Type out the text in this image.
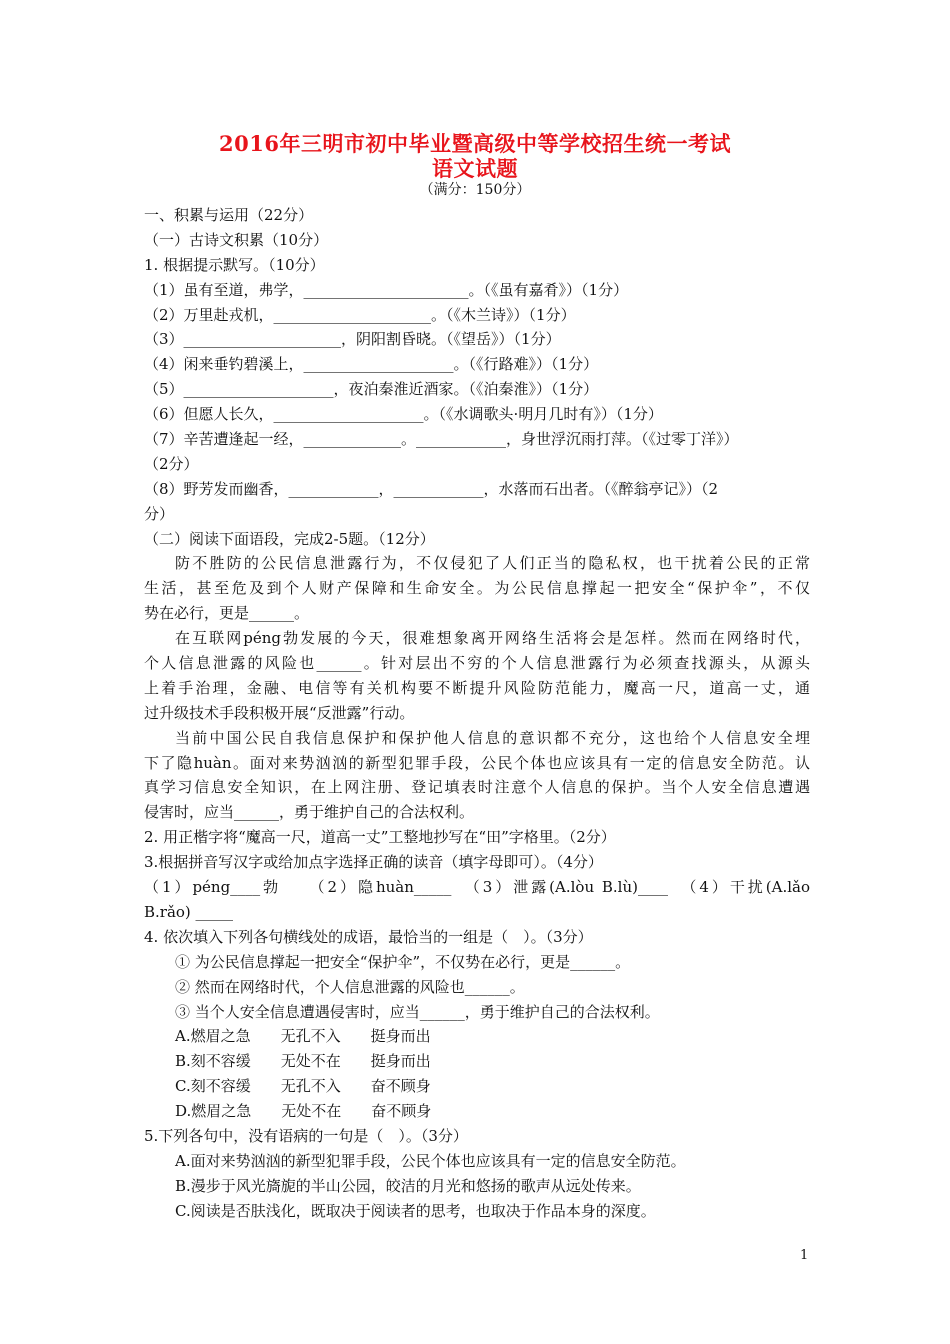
2016年三明市初中毕业暨高级中等学校招生统一考试
语文试题
（满分：150分）
一、积累与运用（22分）
（一）古诗文积累（10分）
1. 根据提示默写。（10分）
（1）虽有至道，弗学，______________________。（《虽有嘉肴》）（1分）
（2）万里赴戎机，_____________________。（《木兰诗》）（1分）
（3）_____________________，阴阳割昏晓。（《望岳》）（1分）
（4）闲来垂钓碧溪上，____________________。（《行路难》）（1分）
（5）____________________，夜泊秦淮近酒家。（《泊秦淮》）（1分）
（6）但愿人长久，____________________。（《水调歌头·明月几时有》）（1分）
（7）辛苦遭逢起一经，_____________。____________，身世浮沉雨打萍。（《过零丁洋》）
（2分）
（8）野芳发而幽香，____________，____________，水落而石出者。（《醉翁亭记》）（2
分）
（二）阅读下面语段，完成2-5题。（12分）
防不胜防的公民信息泄露行为，不仅侵犯了人们正当的隐私权，也干扰着公民的正常
生活，甚至危及到个人财产保障和生命安全。为公民信息撑起一把安全“保护伞”，不仅
势在必行，更是______。
在互联网péng勃发展的今天，很难想象离开网络生活将会是怎样。然而在网络时代，
个人信息泄露的风险也______。针对层出不穷的个人信息泄露行为必须查找源头，从源头
上着手治理，金融、电信等有关机构要不断提升风险防范能力，魔高一尺，道高一丈，通
过升级技术手段积极开展“反泄露”行动。
当前中国公民自我信息保护和保护他人信息的意识都不充分，这也给个人信息安全埋
下了隐huàn。面对来势汹汹的新型犯罪手段，公民个体也应该具有一定的信息安全防范。认
真学习信息安全知识，在上网注册、登记填表时注意个人信息的保护。当个人安全信息遭遇
侵害时，应当______，勇于维护自己的合法权利。
2. 用正楷字将“魔高一尺，道高一丈”工整地抄写在“田”字格里。（2分）
3.根据拼音写汉字或给加点字选择正确的读音（填字母即可）。（4分）
（1）péng____勃　　（2）隐huàn_____　（3）泄露(A.lòu B.lù)____　（4）干扰(A.lǎo
B.rǎo) _____
4. 依次填入下列各句横线处的成语，最恰当的一组是（　）。（3分）
① 为公民信息撑起一把安全“保护伞”，不仅势在必行，更是______。
② 然而在网络时代，个人信息泄露的风险也______。
③ 当个人安全信息遭遇侵害时，应当______，勇于维护自己的合法权利。
A.燃眉之急　　无孔不入　　挺身而出
B.刻不容缓　　无处不在　　挺身而出
C.刻不容缓　　无孔不入　　奋不顾身
D.燃眉之急　　无处不在　　奋不顾身
5.下列各句中，没有语病的一句是（　）。（3分）
A.面对来势汹汹的新型犯罪手段，公民个体也应该具有一定的信息安全防范。
B.漫步于风光旖旎的半山公园，皎洁的月光和悠扬的歌声从远处传来。
C.阅读是否肤浅化，既取决于阅读者的思考，也取决于作品本身的深度。
1
